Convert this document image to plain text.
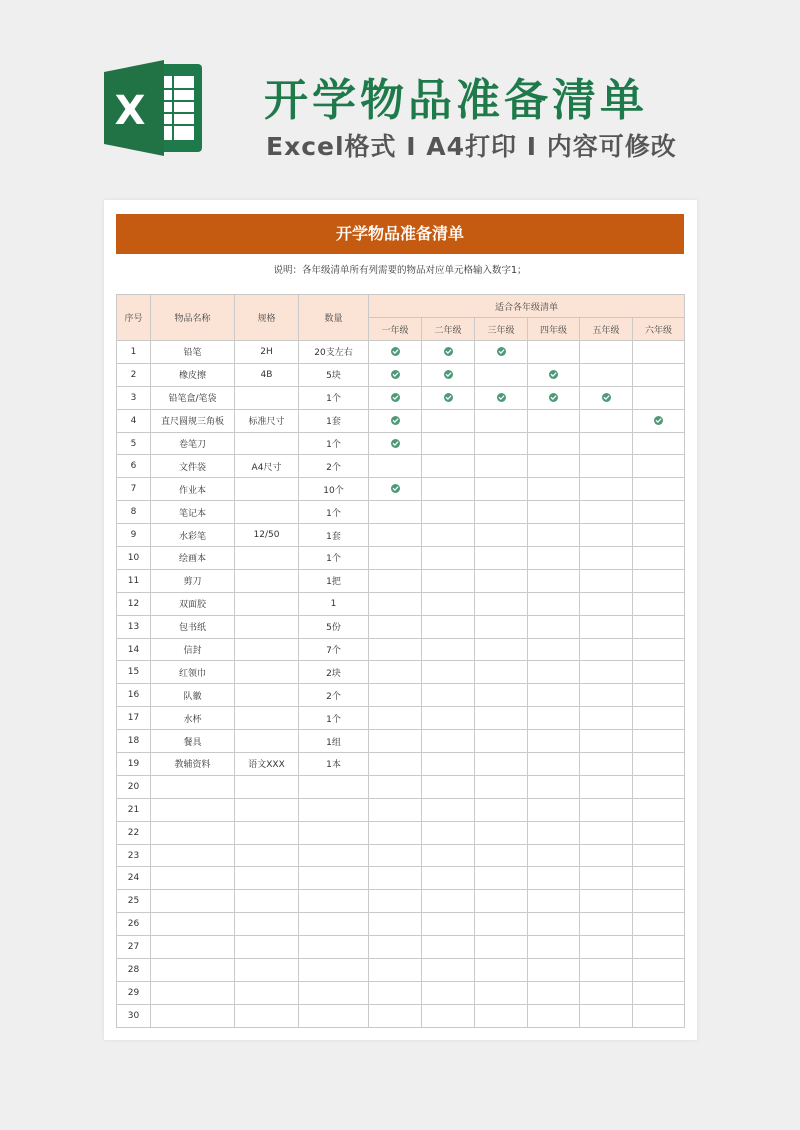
X	开学物品准备清单
Excel格式 Ⅰ A4打印 Ⅰ 内容可修改
开学物品准备清单
说明：各年级清单所有列需要的物品对应单元格输入数字1；
序号	物品名称	规格	数量	适合各年级清单					
				一年级	二年级	三年级	四年级	五年级	六年级
1	铅笔	2H	20支左右						
2	橡皮擦	4B	5块						
3	铅笔盒/笔袋		1个						
4	直尺圆规三角板	标准尺寸	1套						
5	卷笔刀		1个						
6	文件袋	A4尺寸	2个						
7	作业本		10个						
8	笔记本		1个						
9	水彩笔	12/50	1套						
10	绘画本		1个						
11	剪刀		1把						
12	双面胶		1						
13	包书纸		5份						
14	信封		7个						
15	红领巾		2块						
16	队徽		2个						
17	水杯		1个						
18	餐具		1组						
19	教辅资料	语文XXX	1本						
20									
21									
22									
23									
24									
25									
26									
27									
28									
29									
30									
